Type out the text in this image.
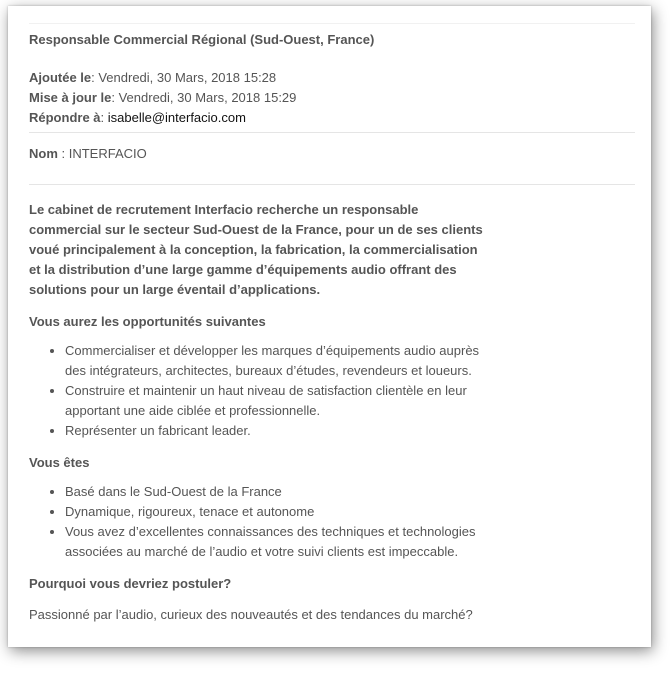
Responsable Commercial Régional (Sud-Ouest, France)
Ajoutée le: Vendredi, 30 Mars, 2018 15:28
Mise à jour le: Vendredi, 30 Mars, 2018 15:29
Répondre à: isabelle@interfacio.com
Nom : INTERFACIO

Le cabinet de recrutement Interfacio recherche un responsable commercial sur le secteur Sud-Ouest de la France, pour un de ses clients voué principalement à la conception, la fabrication, la commercialisation et la distribution d’une large gamme d’équipements audio offrant des solutions pour un large éventail d’applications.

Vous aurez les opportunités suivantes

• Commercialiser et développer les marques d’équipements audio auprès des intégrateurs, architectes, bureaux d’études, revendeurs et loueurs.
• Construire et maintenir un haut niveau de satisfaction clientèle en leur apportant une aide ciblée et professionnelle.
• Représenter un fabricant leader.

Vous êtes

• Basé dans le Sud-Ouest de la France
• Dynamique, rigoureux, tenace et autonome
• Vous avez d’excellentes connaissances des techniques et technologies associées au marché de l’audio et votre suivi clients est impeccable.

Pourquoi vous devriez postuler?

Passionné par l’audio, curieux des nouveautés et des tendances du marché?
